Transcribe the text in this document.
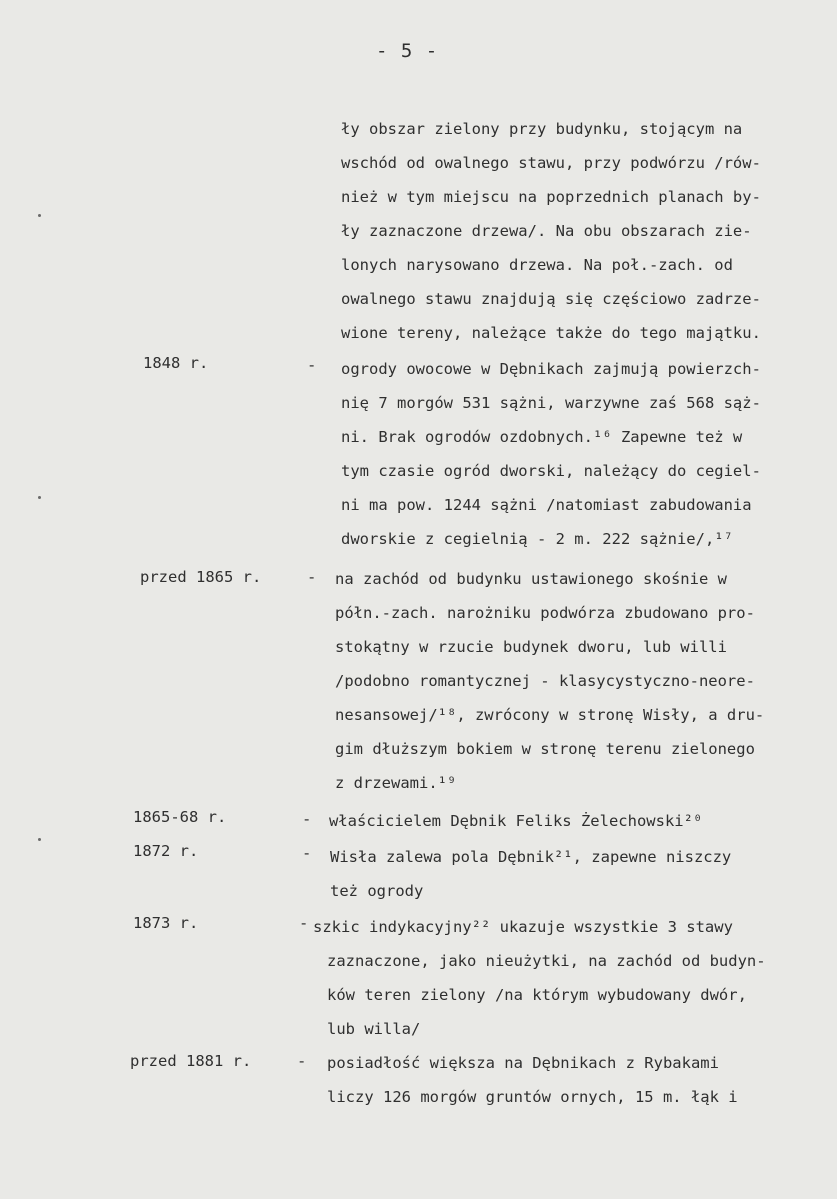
- 5 -
ły obszar zielony przy budynku, stojącym na
wschód od owalnego stawu, przy podwórzu /rów-
nież w tym miejscu na poprzednich planach by-
ły zaznaczone drzewa/. Na obu obszarach zie-
lonych narysowano drzewa. Na poł.-zach. od
owalnego stawu znajdują się częściowo zadrze-
wione tereny, należące także do tego majątku.
1848 r.	- ogrody owocowe w Dębnikach zajmują powierzch-
nię 7 morgów 531 sążni, warzywne zaś 568 sąż-
ni. Brak ogrodów ozdobnych.¹⁶ Zapewne też w
tym czasie ogród dworski, należący do cegiel-
ni ma pow. 1244 sążni /natomiast zabudowania
dworskie z cegielnią - 2 m. 222 sążnie/,¹⁷
przed 1865 r.	- na zachód od budynku ustawionego skośnie w
półn.-zach. narożniku podwórza zbudowano pro-
stokątny w rzucie budynek dworu, lub willi
/podobno romantycznej - klasycystyczno-neore-
nesansowej/¹⁸, zwrócony w stronę Wisły, a dru-
gim dłuższym bokiem w stronę terenu zielonego
z drzewami.¹⁹
1865-68 r.	- właścicielem Dębnik Feliks Żelechowski²⁰
1872 r.	- Wisła zalewa pola Dębnik²¹, zapewne niszczy
też ogrody
1873 r.	- szkic indykacyjny²² ukazuje wszystkie 3 stawy
zaznaczone, jako nieużytki, na zachód od budyn-
ków teren zielony /na którym wybudowany dwór,
lub willa/
przed 1881 r.	- posiadłość większa na Dębnikach z Rybakami
liczy 126 morgów gruntów ornych, 15 m. łąk i
